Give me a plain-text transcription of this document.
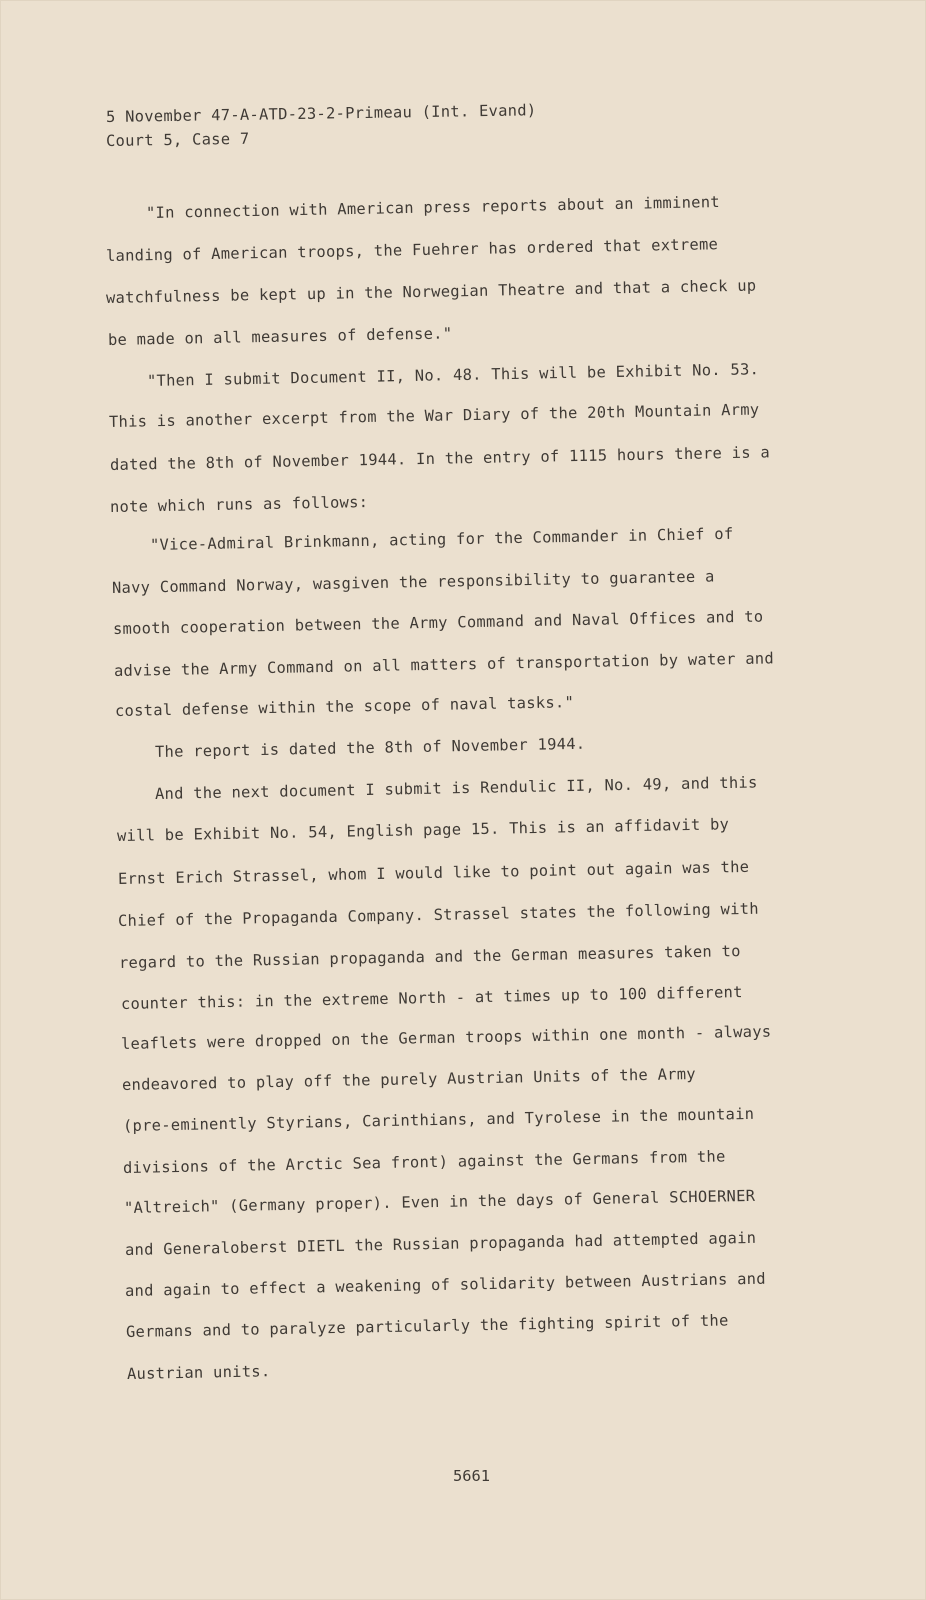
5 November 47-A-ATD-23-2-Primeau (Int. Evand)
Court 5, Case 7
"In connection with American press reports about an imminent
landing of American troops, the Fuehrer has ordered that extreme
watchfulness be kept up in the Norwegian Theatre and that a check up
be made on all measures of defense."
"Then I submit Document II, No. 48. This will be Exhibit No. 53.
This is another excerpt from the War Diary of the 20th Mountain Army
dated the 8th of November 1944. In the entry of 1115 hours there is a
note which runs as follows:
"Vice-Admiral Brinkmann, acting for the Commander in Chief of
Navy Command Norway, wasgiven the responsibility to guarantee a
smooth cooperation between the Army Command and Naval Offices and to
advise the Army Command on all matters of transportation by water and
costal defense within the scope of naval tasks."
The report is dated the 8th of November 1944.
And the next document I submit is Rendulic II, No. 49, and this
will be Exhibit No. 54, English page 15. This is an affidavit by
Ernst Erich Strassel, whom I would like to point out again was the
Chief of the Propaganda Company. Strassel states the following with
regard to the Russian propaganda and the German measures taken to
counter this: in the extreme North - at times up to 100 different
leaflets were dropped on the German troops within one month - always
endeavored to play off the purely Austrian Units of the Army
(pre-eminently Styrians, Carinthians, and Tyrolese in the mountain
divisions of the Arctic Sea front) against the Germans from the
"Altreich" (Germany proper). Even in the days of General SCHOERNER
and Generaloberst DIETL the Russian propaganda had attempted again
and again to effect a weakening of solidarity between Austrians and
Germans and to paralyze particularly the fighting spirit of the
Austrian units.
5661
